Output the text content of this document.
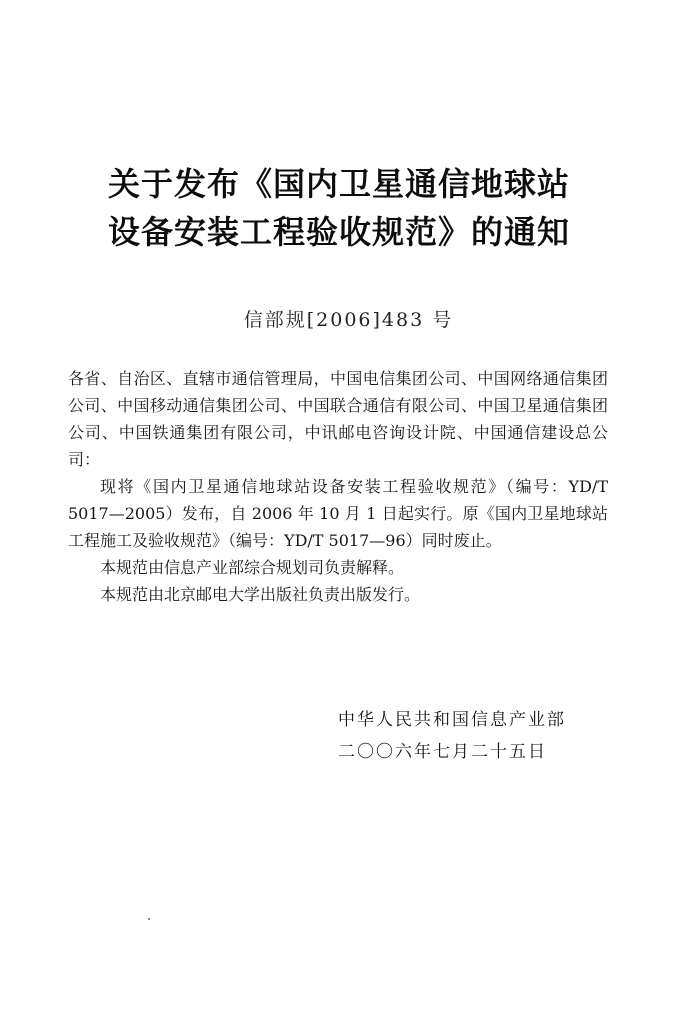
关于发布《国内卫星通信地球站
设备安装工程验收规范》的通知
信部规[2006]483 号

各省、自治区、直辖市通信管理局，中国电信集团公司、中国网络通信集团公司、中国移动通信集团公司、中国联合通信有限公司、中国卫星通信集团公司、中国铁通集团有限公司，中讯邮电咨询设计院、中国通信建设总公司：

现将《国内卫星通信地球站设备安装工程验收规范》（编号：YD/T 5017—2005）发布，自 2006 年 10 月 1 日起实行。原《国内卫星地球站工程施工及验收规范》（编号：YD/T 5017—96）同时废止。

本规范由信息产业部综合规划司负责解释。

本规范由北京邮电大学出版社负责出版发行。

中华人民共和国信息产业部
二〇〇六年七月二十五日
